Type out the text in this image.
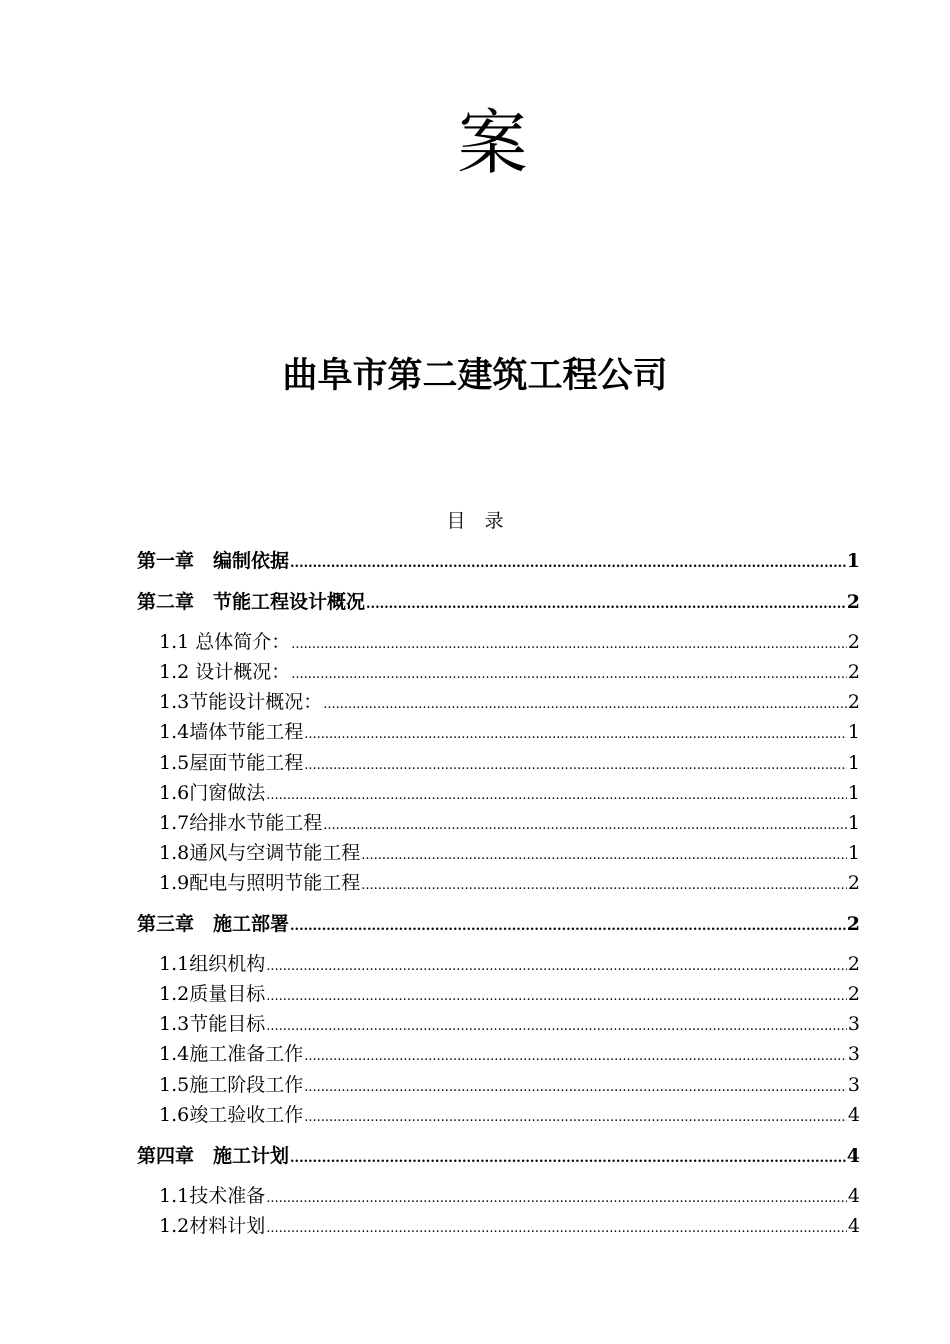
案
曲阜市第二建筑工程公司
目　录
第一章　编制依据 .....	1
第二章　节能工程设计概况 .....	2
1.1 总体简介： .....	2
1.2 设计概况： .....	2
1.3节能设计概况： .....	2
1.4墙体节能工程 .....	1
1.5屋面节能工程 .....	1
1.6门窗做法 .....	1
1.7给排水节能工程 .....	1
1.8通风与空调节能工程 .....	1
1.9配电与照明节能工程 .....	2
第三章　施工部署 .....	2
1.1组织机构 .....	2
1.2质量目标 .....	2
1.3节能目标 .....	3
1.4施工准备工作 .....	3
1.5施工阶段工作 .....	3
1.6竣工验收工作 .....	4
第四章　施工计划 .....	4
1.1技术准备 .....	4
1.2材料计划 .....	4
